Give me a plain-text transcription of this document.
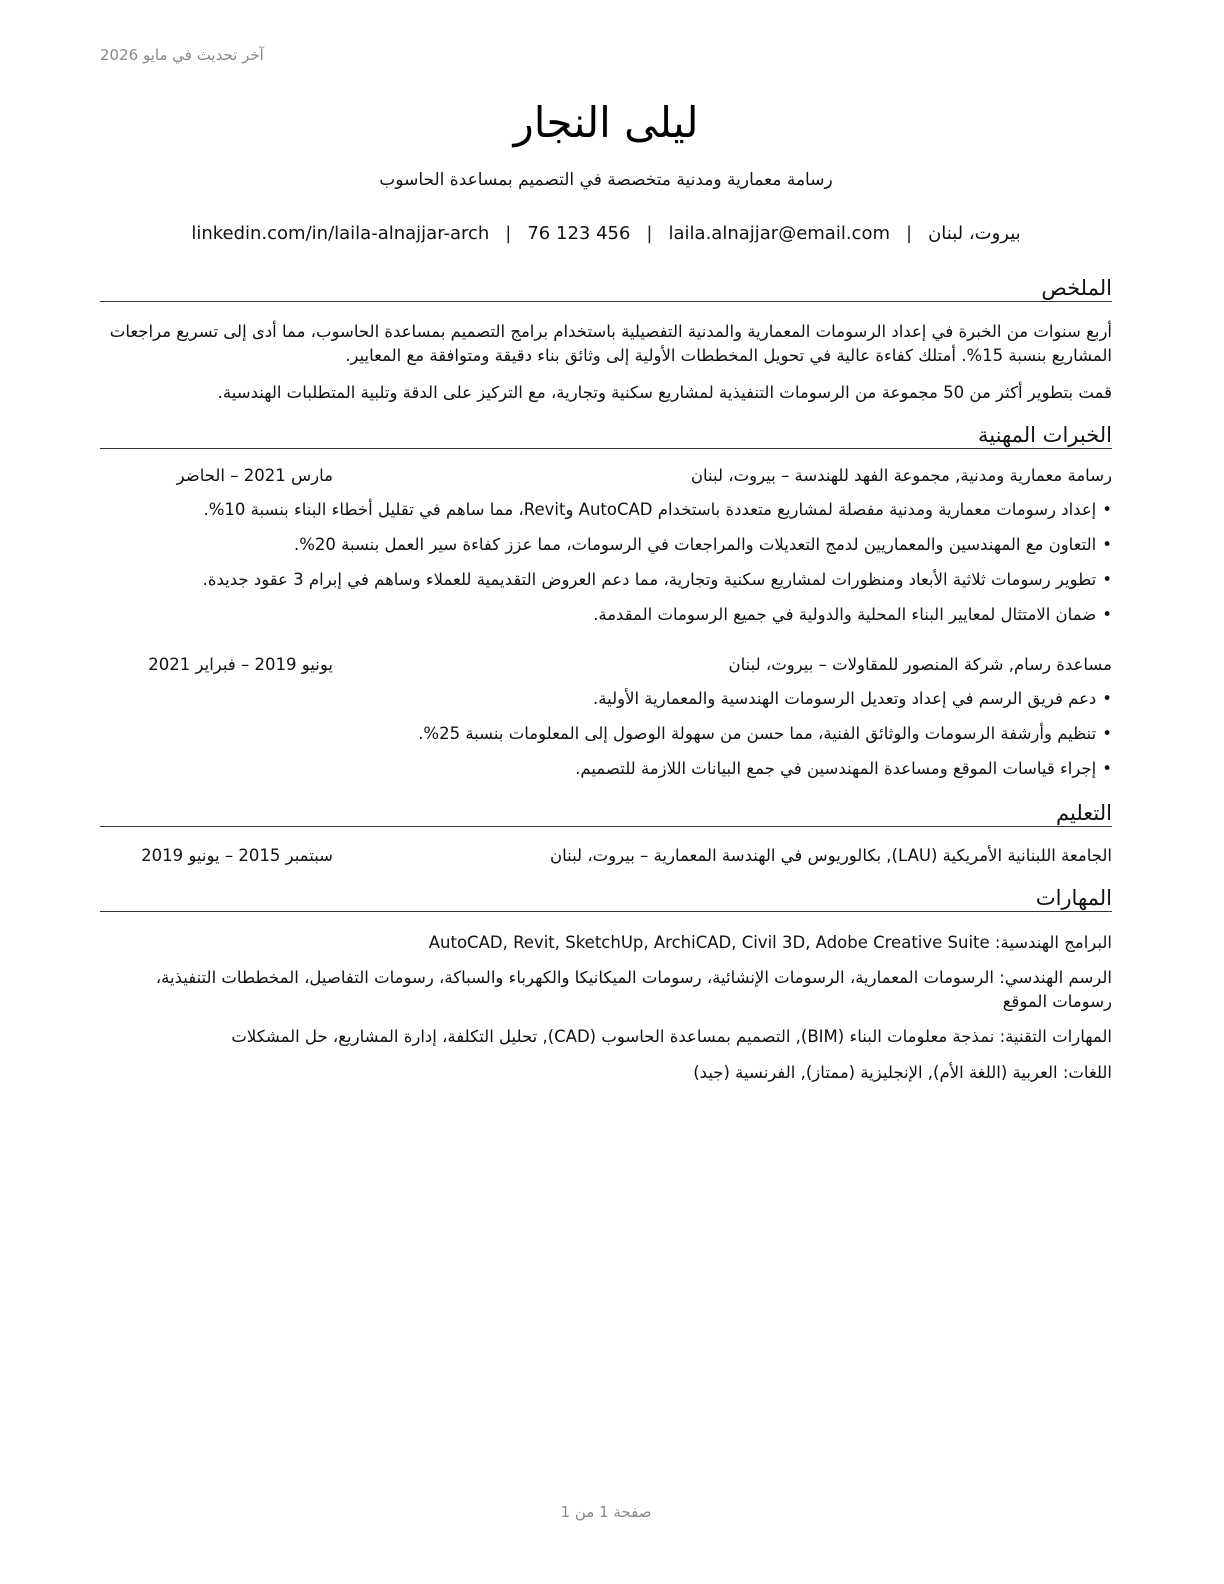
آخر تحديث في مايو 2026
ليلى النجار
رسامة معمارية ومدنية متخصصة في التصميم بمساعدة الحاسوب
بيروت، لبنان
|
laila.alnajjar@email.com
|
76 123 456
|
linkedin.com/in/laila-alnajjar-arch
الملخص
أربع سنوات من الخبرة في إعداد الرسومات المعمارية والمدنية التفصيلية باستخدام برامج التصميم بمساعدة الحاسوب، مما أدى إلى تسريع مراجعات المشاريع بنسبة 15%. أمتلك كفاءة عالية في تحويل المخططات الأولية إلى وثائق بناء دقيقة ومتوافقة مع المعايير.
قمت بتطوير أكثر من 50 مجموعة من الرسومات التنفيذية لمشاريع سكنية وتجارية، مع التركيز على الدقة وتلبية المتطلبات الهندسية.
الخبرات المهنية
رسامة معمارية ومدنية, مجموعة الفهد للهندسة – بيروت، لبنان
مارس 2021 – الحاضر
•إعداد رسومات معمارية ومدنية مفصلة لمشاريع متعددة باستخدام AutoCAD وRevit، مما ساهم في تقليل أخطاء البناء بنسبة 10%.
•التعاون مع المهندسين والمعماريين لدمج التعديلات والمراجعات في الرسومات، مما عزز كفاءة سير العمل بنسبة 20%.
•تطوير رسومات ثلاثية الأبعاد ومنظورات لمشاريع سكنية وتجارية، مما دعم العروض التقديمية للعملاء وساهم في إبرام 3 عقود جديدة.
•ضمان الامتثال لمعايير البناء المحلية والدولية في جميع الرسومات المقدمة.
مساعدة رسام, شركة المنصور للمقاولات – بيروت، لبنان
يونيو 2019 – فبراير 2021
•دعم فريق الرسم في إعداد وتعديل الرسومات الهندسية والمعمارية الأولية.
•تنظيم وأرشفة الرسومات والوثائق الفنية، مما حسن من سهولة الوصول إلى المعلومات بنسبة 25%.
•إجراء قياسات الموقع ومساعدة المهندسين في جمع البيانات اللازمة للتصميم.
التعليم
الجامعة اللبنانية الأمريكية (LAU), بكالوريوس في الهندسة المعمارية – بيروت، لبنان
سبتمبر 2015 – يونيو 2019
المهارات
البرامج الهندسية: AutoCAD, Revit, SketchUp, ArchiCAD, Civil 3D, Adobe Creative Suite
الرسم الهندسي: الرسومات المعمارية، الرسومات الإنشائية، رسومات الميكانيكا والكهرباء والسباكة، رسومات التفاصيل، المخططات التنفيذية، رسومات الموقع
المهارات التقنية: نمذجة معلومات البناء (BIM), التصميم بمساعدة الحاسوب (CAD), تحليل التكلفة، إدارة المشاريع، حل المشكلات
اللغات: العربية (اللغة الأم), الإنجليزية (ممتاز), الفرنسية (جيد)
صفحة 1 من 1
